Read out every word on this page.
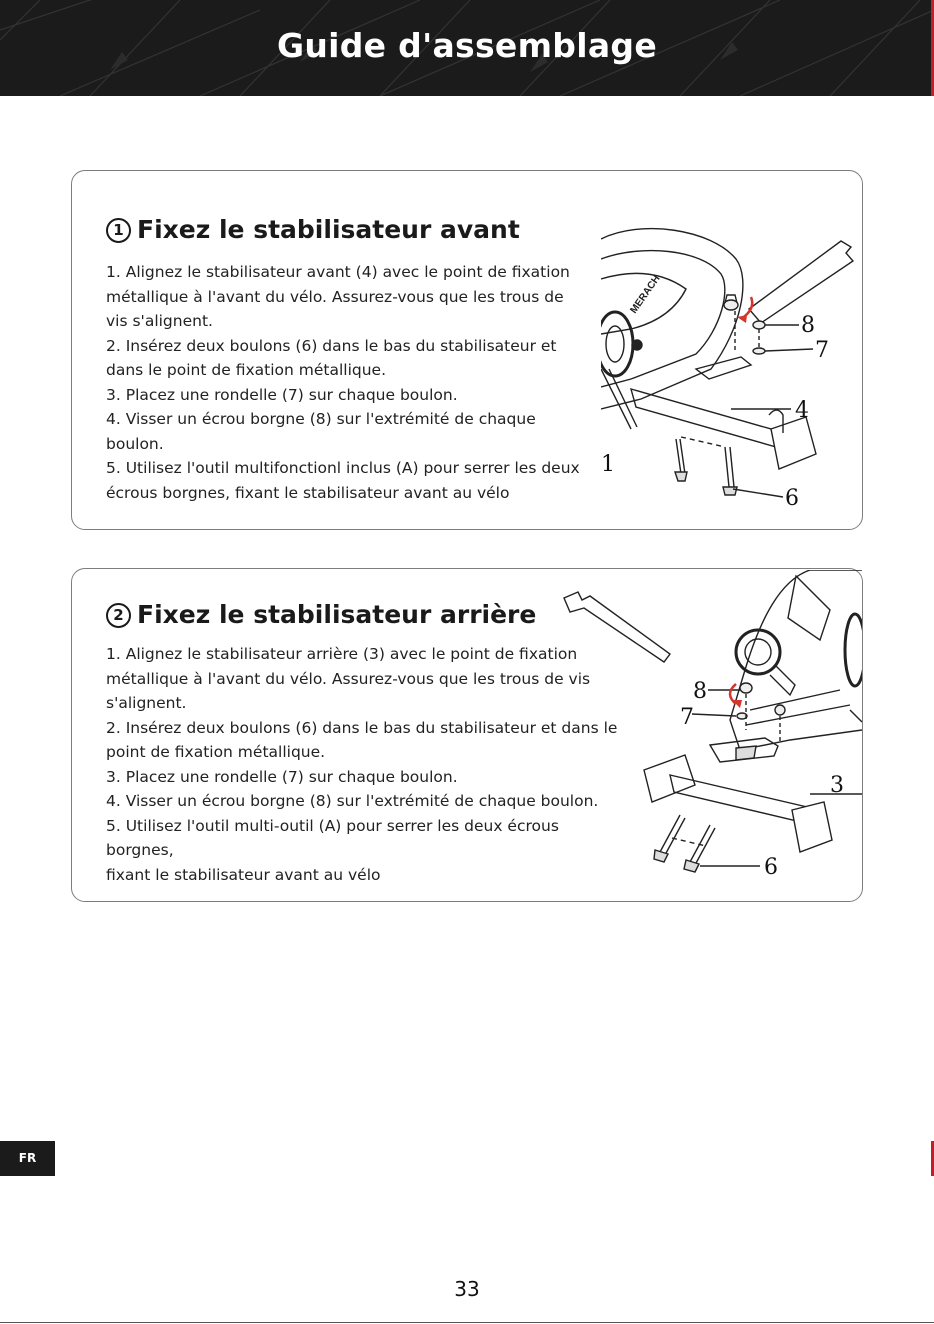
Guide d'assemblage
1 Fixez le stabilisateur avant

1. Alignez le stabilisateur avant (4) avec le point de fixation métallique à l'avant du vélo. Assurez-vous que les trous de vis s'alignent.

2. Insérez deux boulons (6) dans le bas du stabilisateur et dans le point de fixation métallique.

3. Placez une rondelle (7) sur chaque boulon.

4. Visser un écrou borgne (8) sur l'extrémité de chaque boulon.

5. Utilisez l'outil multifonctionl inclus (A) pour serrer les deux écrous borgnes, fixant le stabilisateur avant au vélo

MERACH
8
7
4
6
1
2 Fixez le stabilisateur arrière

1. Alignez le stabilisateur arrière (3) avec le point de fixation métallique à l'avant du vélo. Assurez-vous que les trous de vis

s'alignent.

2. Insérez deux boulons (6) dans le bas du stabilisateur et dans le point de fixation métallique.

3. Placez une rondelle (7) sur chaque boulon.

4. Visser un écrou borgne (8) sur l'extrémité de chaque boulon.

5. Utilisez l'outil multi-outil (A) pour serrer les deux écrous borgnes,

fixant le stabilisateur avant au vélo

8
7
3
6
FR
33
